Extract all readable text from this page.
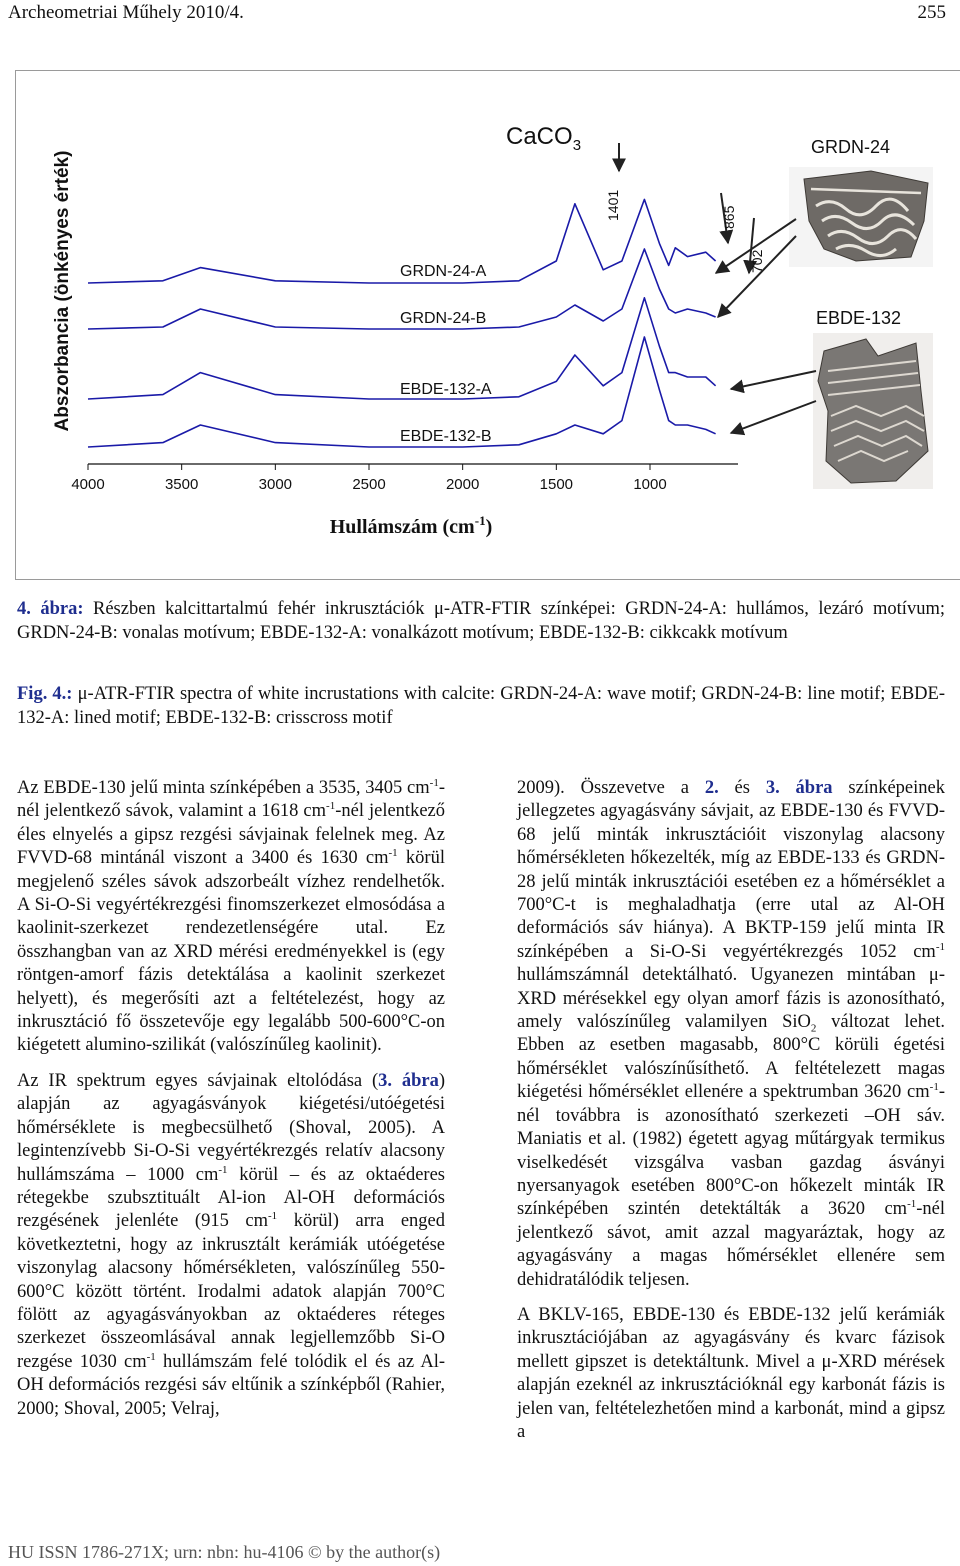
Archeometriai Műhely 2010/4.	255
Abszorbancia (önkényes érték)
4000	3500	3000	2500	2000	1500	1000
GRDN-24-A
GRDN-24-B
EBDE-132-A
EBDE-132-B
CaCO$_3$
1401	865
702
Hullámszám $(cm^{-1})$
GRDN-24
EBDE-132
4. ábra: Részben kalcittartalmú fehér inkrusztációk μ-ATR-FTIR színképei: GRDN-24-A: hullámos, lezáró motívum; GRDN-24-B: vonalas motívum; EBDE-132-A: vonalkázott motívum; EBDE-132-B: cikkcakk motívum
Fig. 4.: μ-ATR-FTIR spectra of white incrustations with calcite: GRDN-24-A: wave motif; GRDN-24-B: line motif; EBDE-132-A: lined motif; EBDE-132-B: crisscross motif

Az EBDE-130 jelű minta színképében a 3535, 3405 $cm^{-1}$-nél jelentkező sávok, valamint a 1618 $cm^{-1}$-nél jelentkező éles elnyelés a gipsz rezgési sávjainak felelnek meg. Az FVVD-68 mintánál viszont a 3400 és 1630 $cm^{-1}$ körül megjelenő széles sávok adszorbeált vízhez rendelhetők. A Si-O-Si vegyértékrezgési finomszerkezet elmosódása a kaolinit-szerkezet rendezetlenségére utal. Ez összhangban van az XRD mérési eredményekkel is (egy röntgen-amorf fázis detektálása a kaolinit szerkezet helyett), és megerősíti azt a feltételezést, hogy az inkrusztáció fő összetevője egy legalább 500-600°C-on kiégetett alumino-szilikát (valószínűleg kaolinit).

Az IR spektrum egyes sávjainak eltolódása (3. ábra) alapján az agyagásványok kiégetési/utóégetési hőmérséklete is megbecsülhető (Shoval, 2005). A legintenzívebb Si-O-Si vegyértékrezgés relatív alacsony hullámszáma – 1000 $cm^{-1}$ körül – és az oktaéderes rétegekbe szubsztituált Al-ion Al-OH deformációs rezgésének jelenléte (915 $cm^{-1}$ körül) arra enged következtetni, hogy az inkrusztált kerámiák utóégetése viszonylag alacsony hőmérsékleten, valószínűleg 550-600°C között történt. Irodalmi adatok alapján 700°C fölött az agyagásványokban az oktaéderes réteges szerkezet összeomlásával annak legjellemzőbb Si-O rezgése 1030 $cm^{-1}$ hullámszám felé tolódik el és az Al-OH deformációs rezgési sáv eltűnik a színképből (Rahier, 2000; Shoval, 2005; Velraj,

2009). Összevetve a 2. és 3. ábra színképeinek jellegzetes agyagásvány sávjait, az EBDE-130 és FVVD-68 jelű minták inkrusztációit viszonylag alacsony hőmérsékleten hőkezelték, míg az EBDE-133 és GRDN-28 jelű minták inkrusztációi esetében ez a hőmérséklet a 700°C-t is meghaladhatja (erre utal az Al-OH deformációs sáv hiánya). A BKTP-159 jelű minta IR színképében a Si-O-Si vegyértékrezgés 1052 $cm^{-1}$ hullámszámnál detektálható. Ugyanezen mintában μ-XRD mérésekkel egy olyan amorf fázis is azonosítható, amely valószínűleg valamilyen SiO$_2$ változat lehet. Ebben az esetben magasabb, 800°C körüli égetési hőmérséklet valószínűsíthető. A feltételezett magas kiégetési hőmérséklet ellenére a spektrumban 3620 $cm^{-1}$-nél továbbra is azonosítható szerkezeti –OH sáv. Maniatis et al. (1982) égetett agyag műtárgyak termikus viselkedését vizsgálva vasban gazdag ásványi nyersanyagok esetében 800°C-on hőkezelt minták IR színképében szintén detektálták a 3620 $cm^{-1}$-nél jelentkező sávot, amit azzal magyaráztak, hogy az agyagásvány a magas hőmérséklet ellenére sem dehidratálódik teljesen.

A BKLV-165, EBDE-130 és EBDE-132 jelű kerámiák inkrusztációjában az agyagásvány és kvarc fázisok mellett gipszet is detektáltunk. Mivel a μ-XRD mérések alapján ezeknél az inkrusztációknál egy karbonát fázis is jelen van, feltételezhetően mind a karbonát, mind a gipsz a

HU ISSN 1786-271X; urn: nbn: hu-4106 © by the author(s)
